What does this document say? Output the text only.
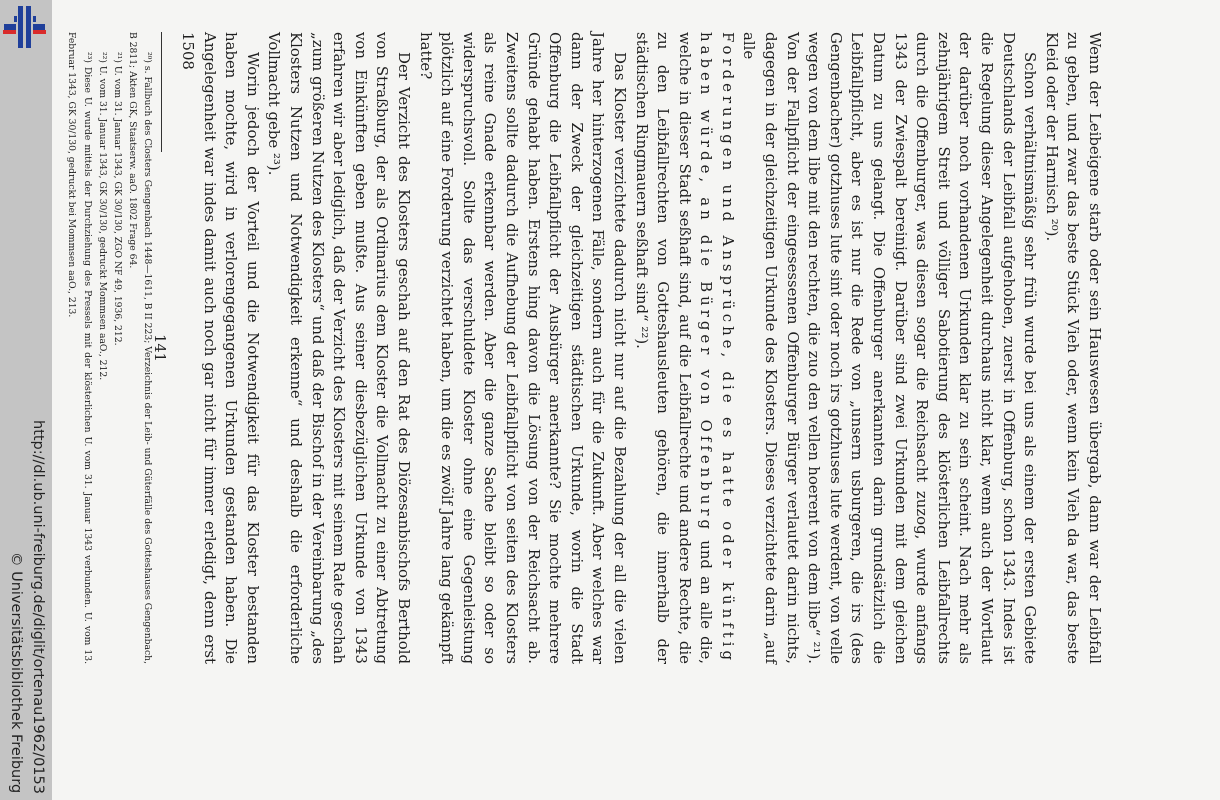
http://dl.ub.uni-freiburg.de/diglit/ortenau1962/0153
© Universitätsbibliothek Freiburg

Wenn der Leibeigene starb oder sein Hauswesen übergab, dann war der Leibfall zu geben, und zwar das beste Stück Vieh oder, wenn kein Vieh da war, das beste Kleid oder der Harnisch ²⁰).

Schon verhältnismäßig sehr früh wurde bei uns als einem der ersten Gebiete Deutschlands der Leibfall aufgehoben, zuerst in Offenburg, schon 1343. Indes ist die Regelung dieser Angelegenheit durchaus nicht klar, wenn auch der Wortlaut der darüber noch vorhandenen Urkunden klar zu sein scheint. Nach mehr als zehnjährigem Streit und völliger Sabotierung des klösterlichen Leibfallrechts durch die Offenburger, was diesen sogar die Reichsacht zuzog, wurde anfangs 1343 der Zwiespalt bereinigt. Darüber sind zwei Urkunden mit dem gleichen Datum zu uns gelangt. Die Offenburger anerkannten darin grundsätzlich die Leibfallpflicht, aber es ist nur die Rede von „unsern usburgeren, die irs (des Gengenbacher) gotzhuses lute sint oder noch irs gotzhuses lute werdent, von velle wegen von dem libe mit den rechten, die zuo den vellen hoerent von dem libe“ ²¹). Von der Fallpflicht der eingesessenen Offenburger Bürger verlautet darin nichts, dagegen in der gleichzeitigen Urkunde des Klosters. Dieses verzichtete darin „auf alle

Forderungen und Ansprüche, die es hatte oder künftig haben würde, an die Bürger von Offenburg und an alle die, welche in dieser Stadt seßhaft sind, auf die Leibfallrechte und andere Rechte, die zu den Leibfallrechten von Gotteshausleuten gehören, die innerhalb der städtischen Ringmauern seßhaft sind“ ²²).

Das Kloster verzichtete dadurch nicht nur auf die Bezahlung der all die vielen Jahre her hinterzogenen Fälle, sondern auch für die Zukunft. Aber welches war dann der Zweck der gleichzeitigen städtischen Urkunde, worin die Stadt Offenburg die Leibfallpflicht der Ausbürger anerkannte? Sie mochte mehrere Gründe gehabt haben. Erstens hing davon die Lösung von der Reichsacht ab. Zweitens sollte dadurch die Aufhebung der Leibfallpflicht von seiten des Klosters als reine Gnade erkennbar werden. Aber die ganze Sache bleibt so oder so widerspruchsvoll. Sollte das verschuldete Kloster ohne eine Gegenleistung plötzlich auf eine Forderung verzichtet haben, um die es zwölf Jahre lang gekämpft hatte?

Der Verzicht des Klosters geschah auf den Rat des Diözesanbischofs Berthold von Straßburg, der als Ordinarius dem Kloster die Vollmacht zu einer Abtretung von Einkünften geben mußte. Aus seiner diesbezüglichen Urkunde von 1343 erfahren wir aber lediglich, daß der Verzicht des Klosters mit seinem Rate geschah „zum größeren Nutzen des Klosters“ und daß der Bischof in der Vereinbarung „des Klosters Nutzen und Notwendigkeit erkenne“ und deshalb die erforderliche Vollmacht gebe ²³).

Worin jedoch der Vorteil und die Notwendigkeit für das Kloster bestanden haben mochte, wird in verlorengegangenen Urkunden gestanden haben. Die Angelegenheit war indes damit auch noch gar nicht für immer erledigt, denn erst 1508

²⁰) s. Fallbuch des Closters Gengenbach 1448—1611, B II 223; Verzeichnis der Leib- und Güterfälle des Gotteshauses Gengenbach, B 2811; Akten GK, Staatserw. aaO. 1802 Frage 64.

²¹) U. vom 31. Januar 1343, GK 30/130, ZGO NF 49, 1936, 212.

²²) U. vom 31. Januar 1343, GK 30/130, gedruckt Mommsen aaO., 212.

²³) Diese U. wurde mittels der Durchziehung des Pressels mit der klösterlichen U. vom 31. Januar 1343 verbunden. U. vom 13. Februar 1343, GK 30/130, gedruckt bei Mommsen aaO., 213.

141
